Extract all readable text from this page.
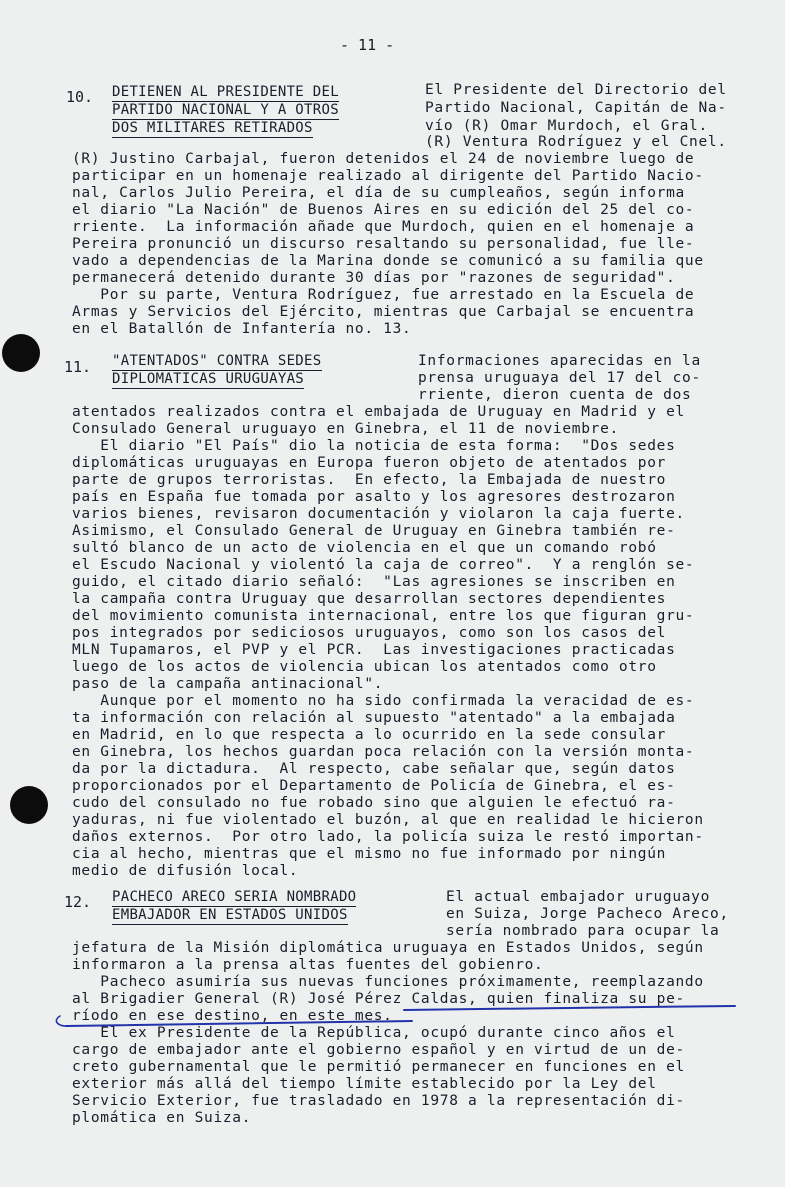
- 11 -
10. DETIENEN AL PRESIDENTE DEL
PARTIDO NACIONAL Y A OTROS
DOS MILITARES RETIRADOS
El Presidente del Directorio del
Partido Nacional, Capitán de Na-
vío (R) Omar Murdoch, el Gral.
(R) Ventura Rodríguez y el Cnel.
(R) Justino Carbajal, fueron detenidos el 24 de noviembre luego de
participar en un homenaje realizado al dirigente del Partido Nacio-
nal, Carlos Julio Pereira, el día de su cumpleaños, según informa
el diario "La Nación" de Buenos Aires en su edición del 25 del co-
rriente.  La información añade que Murdoch, quien en el homenaje a
Pereira pronunció un discurso resaltando su personalidad, fue lle-
vado a dependencias de la Marina donde se comunicó a su familia que
permanecerá detenido durante 30 días por "razones de seguridad".
Por su parte, Ventura Rodríguez, fue arrestado en la Escuela de
Armas y Servicios del Ejército, mientras que Carbajal se encuentra
en el Batallón de Infantería no. 13.
11. "ATENTADOS" CONTRA SEDES
DIPLOMATICAS URUGUAYAS
Informaciones aparecidas en la
prensa uruguaya del 17 del co-
rriente, dieron cuenta de dos
atentados realizados contra el embajada de Uruguay en Madrid y el
Consulado General uruguayo en Ginebra, el 11 de noviembre.
El diario "El País" dio la noticia de esta forma:  "Dos sedes
diplomáticas uruguayas en Europa fueron objeto de atentados por
parte de grupos terroristas.  En efecto, la Embajada de nuestro
país en España fue tomada por asalto y los agresores destrozaron
varios bienes, revisaron documentación y violaron la caja fuerte.
Asimismo, el Consulado General de Uruguay en Ginebra también re-
sultó blanco de un acto de violencia en el que un comando robó
el Escudo Nacional y violentó la caja de correo".  Y a renglón se-
guido, el citado diario señaló:  "Las agresiones se inscriben en
la campaña contra Uruguay que desarrollan sectores dependientes
del movimiento comunista internacional, entre los que figuran gru-
pos integrados por sediciosos uruguayos, como son los casos del
MLN Tupamaros, el PVP y el PCR.  Las investigaciones practicadas
luego de los actos de violencia ubican los atentados como otro
paso de la campaña antinacional".
Aunque por el momento no ha sido confirmada la veracidad de es-
ta información con relación al supuesto "atentado" a la embajada
en Madrid, en lo que respecta a lo ocurrido en la sede consular
en Ginebra, los hechos guardan poca relación con la versión monta-
da por la dictadura.  Al respecto, cabe señalar que, según datos
proporcionados por el Departamento de Policía de Ginebra, el es-
cudo del consulado no fue robado sino que alguien le efectuó ra-
yaduras, ni fue violentado el buzón, al que en realidad le hicieron
daños externos.  Por otro lado, la policía suiza le restó importan-
cia al hecho, mientras que el mismo no fue informado por ningún
medio de difusión local.
12. PACHECO ARECO SERIA NOMBRADO
EMBAJADOR EN ESTADOS UNIDOS
El actual embajador uruguayo
en Suiza, Jorge Pacheco Areco,
sería nombrado para ocupar la
jefatura de la Misión diplomática uruguaya en Estados Unidos, según
informaron a la prensa altas fuentes del gobienro.
Pacheco asumiría sus nuevas funciones próximamente, reemplazando
al Brigadier General (R) José Pérez Caldas, quien finaliza su pe-
ríodo en ese destino, en este mes.
El ex Presidente de la República, ocupó durante cinco años el
cargo de embajador ante el gobierno español y en virtud de un de-
creto gubernamental que le permitió permanecer en funciones en el
exterior más allá del tiempo límite establecido por la Ley del
Servicio Exterior, fue trasladado en 1978 a la representación di-
plomática en Suiza.
